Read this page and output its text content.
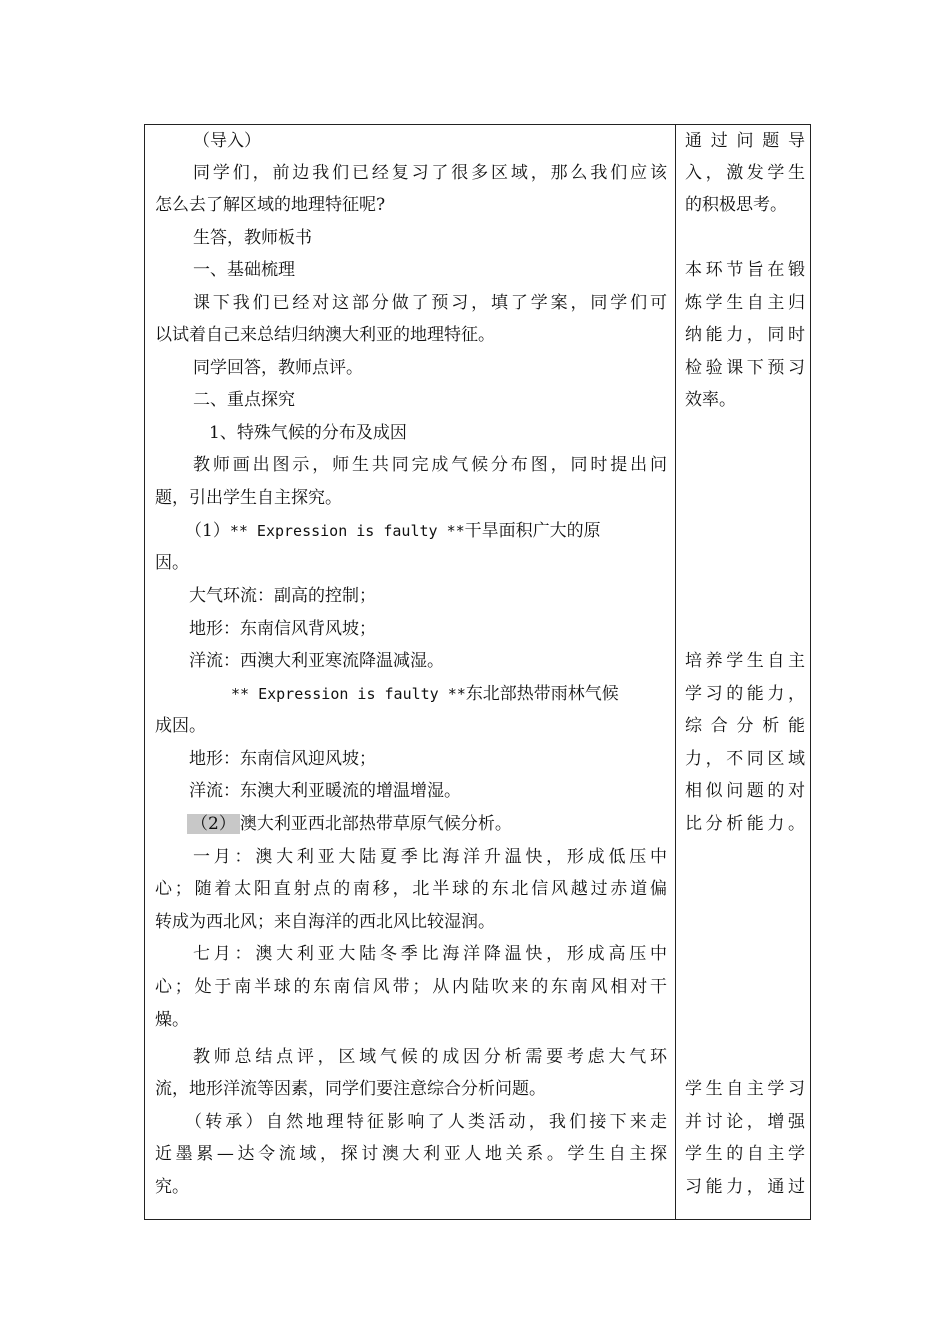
（导入）
同学们，前边我们已经复习了很多区域，那么我们应该
怎么去了解区域的地理特征呢?
生答，教师板书
一、基础梳理
课下我们已经对这部分做了预习，填了学案，同学们可
以试着自己来总结归纳澳大利亚的地理特征。
同学回答，教师点评。
二、重点探究
1、特殊气候的分布及成因
教师画出图示，师生共同完成气候分布图，同时提出问
题，引出学生自主探究。
（1）** Expression is faulty **干旱面积广大的原
因。
大气环流：副高的控制；
地形：东南信风背风坡；
洋流：西澳大利亚寒流降温减湿。
** Expression is faulty **东北部热带雨林气候
成因。
地形：东南信风迎风坡；
洋流：东澳大利亚暖流的增温增湿。
（2） 澳大利亚西北部热带草原气候分析。
一月：澳大利亚大陆夏季比海洋升温快，形成低压中
心；随着太阳直射点的南移，北半球的东北信风越过赤道偏
转成为西北风；来自海洋的西北风比较湿润。
七月：澳大利亚大陆冬季比海洋降温快，形成高压中
心；处于南半球的东南信风带；从内陆吹来的东南风相对干
燥。
教师总结点评，区域气候的成因分析需要考虑大气环
流，地形洋流等因素，同学们要注意综合分析问题。
（转承）自然地理特征影响了人类活动，我们接下来走
近墨累—达令流域，探讨澳大利亚人地关系。学生自主探
究。
通过问题导
入，激发学生
的积极思考。
本环节旨在锻
炼学生自主归
纳能力，同时
检验课下预习
效率。
培养学生自主
学习的能力，
综合分析能
力，不同区域
相似问题的对
比分析能力。
学生自主学习
并讨论，增强
学生的自主学
习能力，通过
